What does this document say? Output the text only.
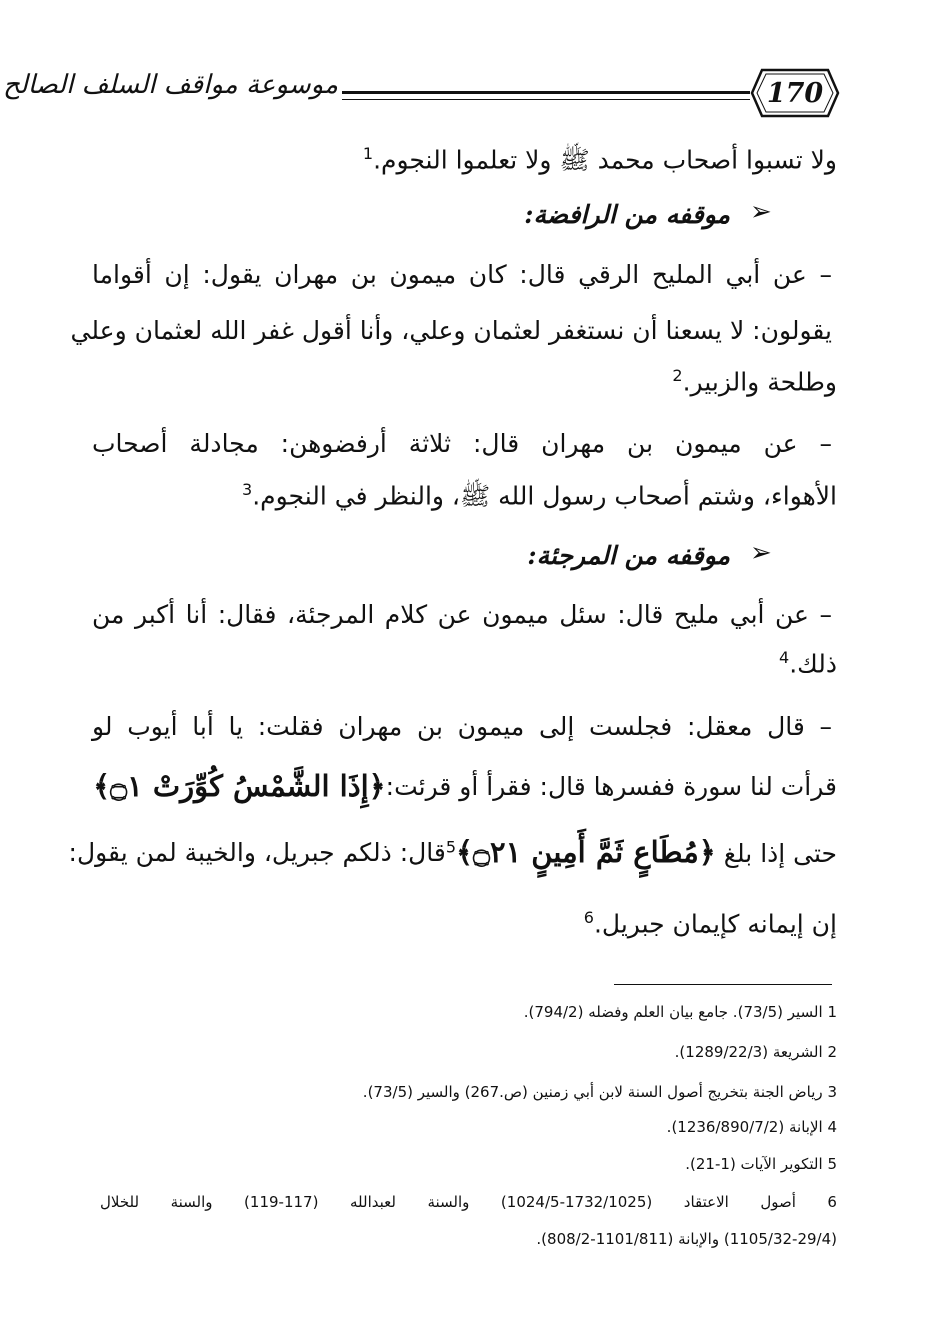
موسوعة مواقف السلف الصالح	170
ولا تسبوا أصحاب محمد ﷺ ولا تعلموا النجوم.$^1$
➢
موقفه من الرافضة:
– عن أبي المليح الرقي قال: كان ميمون بن مهران يقول: إن أقواما
يقولون: لا يسعنا أن نستغفر لعثمان وعلي، وأنا أقول غفر الله لعثمان وعلي
وطلحة والزبير.$^2$
– عن ميمون بن مهران قال: ثلاثة أرفضوهن: مجادلة أصحاب
الأهواء، وشتم أصحاب رسول الله ﷺ، والنظر في النجوم.$^3$
➢
موقفه من المرجئة:
– عن أبي مليح قال: سئل ميمون عن كلام المرجئة، فقال: أنا أكبر من
ذلك.$^4$
– قال معقل: فجلست إلى ميمون بن مهران فقلت: يا أبا أيوب لو
قرأت لنا سورة ففسرها قال: فقرأ أو قرئت:
﴿إِذَا الشَّمْسُ كُوِّرَتْ ۝١﴾
حتى إذا بلغ ﴿مُطَاعٍ ثَمَّ أَمِينٍ ۝٢١﴾$^5$
قال: ذلكم جبريل، والخيبة لمن يقول:
إن إيمانه كإيمان جبريل.$^6$
1 السير (73/5). جامع بيان العلم وفضله (794/2).
2 الشريعة (1289/22/3).
3 رياض الجنة بتخريج أصول السنة لابن أبي زمنين (ص.267) والسير (73/5).
4 الإبانة (1236/890/7/2).
5 التكوير الآيات (1-21).
6 أصول الاعتقاد (1732/1025-1024/5) والسنة لعبدالله (117-119) والسنة للخلال
(1105/32-29/4) والإبانة (1101/811-808/2).
